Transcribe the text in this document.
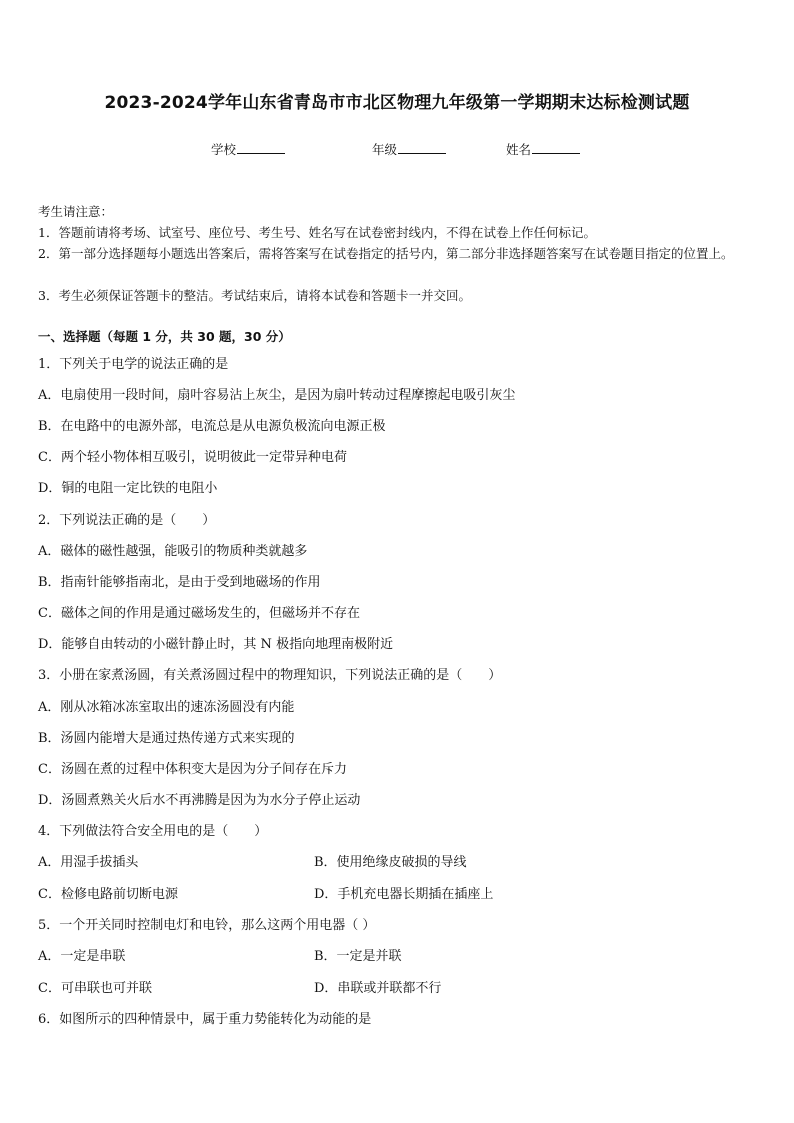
2023-2024学年山东省青岛市市北区物理九年级第一学期期末达标检测试题
学校	年级	姓名
考生请注意：
1．答题前请将考场、试室号、座位号、考生号、姓名写在试卷密封线内，不得在试卷上作任何标记。
2．第一部分选择题每小题选出答案后，需将答案写在试卷指定的括号内，第二部分非选择题答案写在试卷题目指定的位置上。
3．考生必须保证答题卡的整洁。考试结束后，请将本试卷和答题卡一并交回。
一、选择题（每题 1 分，共 30 题，30 分）
1．下列关于电学的说法正确的是
A．电扇使用一段时间，扇叶容易沾上灰尘，是因为扇叶转动过程摩擦起电吸引灰尘
B．在电路中的电源外部，电流总是从电源负极流向电源正极
C．两个轻小物体相互吸引，说明彼此一定带异种电荷
D．铜的电阻一定比铁的电阻小
2．下列说法正确的是（　　）
A．磁体的磁性越强，能吸引的物质种类就越多
B．指南针能够指南北，是由于受到地磁场的作用
C．磁体之间的作用是通过磁场发生的，但磁场并不存在
D．能够自由转动的小磁针静止时，其 N 极指向地理南极附近
3．小册在家煮汤圆，有关煮汤圆过程中的物理知识，下列说法正确的是（　　）
A．刚从冰箱冰冻室取出的速冻汤圆没有内能
B．汤圆内能增大是通过热传递方式来实现的
C．汤圆在煮的过程中体积变大是因为分子间存在斥力
D．汤圆煮熟关火后水不再沸腾是因为为水分子停止运动
4．下列做法符合安全用电的是（　　）
A．用湿手拔插头	B．使用绝缘皮破损的导线
C．检修电路前切断电源	D．手机充电器长期插在插座上
5．一个开关同时控制电灯和电铃，那么这两个用电器（ ）
A．一定是串联	B．一定是并联
C．可串联也可并联	D．串联或并联都不行
6．如图所示的四种情景中，属于重力势能转化为动能的是
